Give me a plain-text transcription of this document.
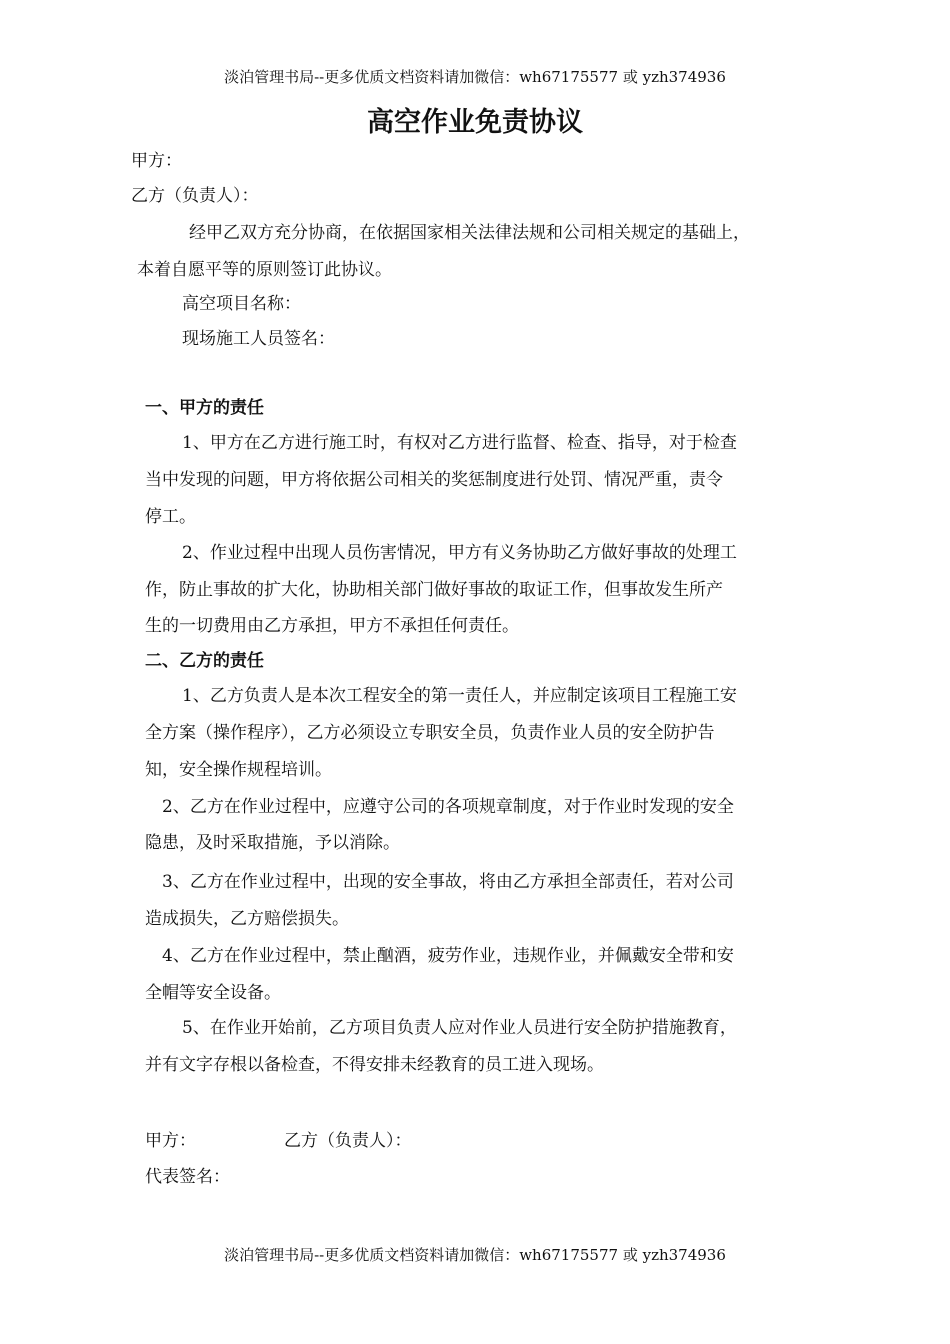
淡泊管理书局--更多优质文档资料请加微信：wh67175577 或 yzh374936
高空作业免责协议
甲方：
乙方（负责人）：
经甲乙双方充分协商，在依据国家相关法律法规和公司相关规定的基础上，
本着自愿平等的原则签订此协议。
高空项目名称：
现场施工人员签名：
一、甲方的责任
1、甲方在乙方进行施工时，有权对乙方进行监督、检查、指导，对于检查
当中发现的问题，甲方将依据公司相关的奖惩制度进行处罚、情况严重，责令
停工。
2、作业过程中出现人员伤害情况，甲方有义务协助乙方做好事故的处理工
作，防止事故的扩大化，协助相关部门做好事故的取证工作，但事故发生所产
生的一切费用由乙方承担，甲方不承担任何责任。
二、乙方的责任
1、乙方负责人是本次工程安全的第一责任人，并应制定该项目工程施工安
全方案（操作程序），乙方必须设立专职安全员，负责作业人员的安全防护告
知，安全操作规程培训。
2、乙方在作业过程中，应遵守公司的各项规章制度，对于作业时发现的安全
隐患，及时采取措施，予以消除。
3、乙方在作业过程中，出现的安全事故，将由乙方承担全部责任，若对公司
造成损失，乙方赔偿损失。
4、乙方在作业过程中，禁止酗酒，疲劳作业，违规作业，并佩戴安全带和安
全帽等安全设备。
5、在作业开始前，乙方项目负责人应对作业人员进行安全防护措施教育，
并有文字存根以备检查，不得安排未经教育的员工进入现场。
甲方：	乙方（负责人）：
代表签名：
淡泊管理书局--更多优质文档资料请加微信：wh67175577 或 yzh374936
